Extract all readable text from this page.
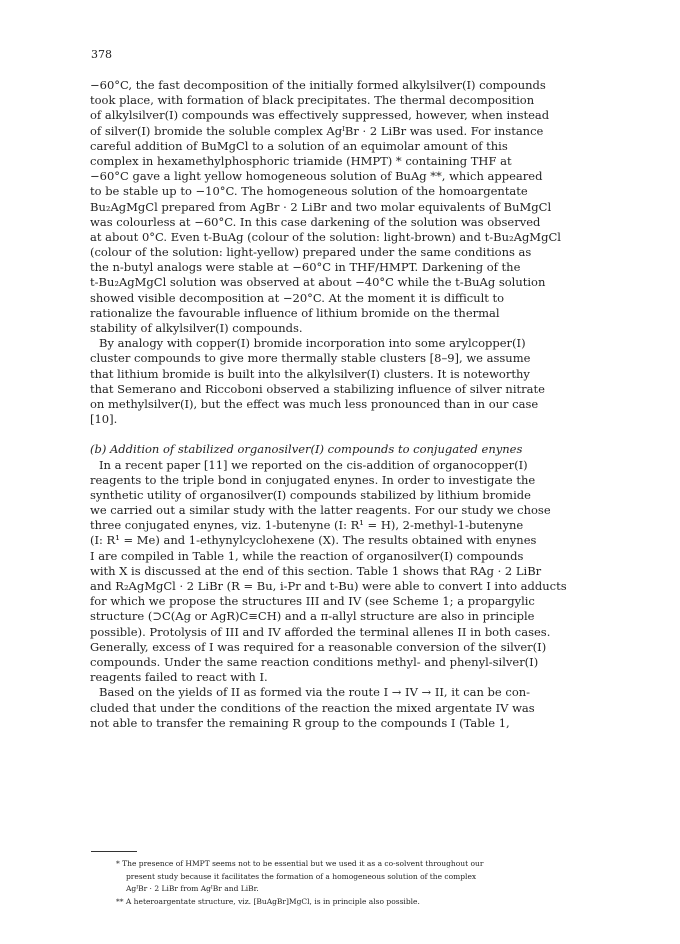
378
−60°C, the fast decomposition of the initially formed alkylsilver(I) compounds
took place, with formation of black precipitates. The thermal decomposition
of alkylsilver(I) compounds was effectively suppressed, however, when instead
of silver(I) bromide the soluble complex AgᴵBr · 2 LiBr was used. For instance
careful addition of BuMgCl to a solution of an equimolar amount of this
complex in hexamethylphosphoric triamide (HMPT) * containing THF at
−60°C gave a light yellow homogeneous solution of BuAg **, which appeared
to be stable up to −10°C. The homogeneous solution of the homoargentate
Bu₂AgMgCl prepared from AgBr · 2 LiBr and two molar equivalents of BuMgCl
was colourless at −60°C. In this case darkening of the solution was observed
at about 0°C. Even t-BuAg (colour of the solution: light-brown) and t-Bu₂AgMgCl
(colour of the solution: light-yellow) prepared under the same conditions as
the n-butyl analogs were stable at −60°C in THF/HMPT. Darkening of the
t-Bu₂AgMgCl solution was observed at about −40°C while the t-BuAg solution
showed visible decomposition at −20°C. At the moment it is difficult to
rationalize the favourable influence of lithium bromide on the thermal
stability of alkylsilver(I) compounds.
By analogy with copper(I) bromide incorporation into some arylcopper(I)
cluster compounds to give more thermally stable clusters [8–9], we assume
that lithium bromide is built into the alkylsilver(I) clusters. It is noteworthy
that Semerano and Riccoboni observed a stabilizing influence of silver nitrate
on methylsilver(I), but the effect was much less pronounced than in our case
[10].
(b) Addition of stabilized organosilver(I) compounds to conjugated enynes
In a recent paper [11] we reported on the cis-addition of organocopper(I)
reagents to the triple bond in conjugated enynes. In order to investigate the
synthetic utility of organosilver(I) compounds stabilized by lithium bromide
we carried out a similar study with the latter reagents. For our study we chose
three conjugated enynes, viz. 1-butenyne (I: R¹ = H), 2-methyl-1-butenyne
(I: R¹ = Me) and 1-ethynylcyclohexene (X). The results obtained with enynes
I are compiled in Table 1, while the reaction of organosilver(I) compounds
with X is discussed at the end of this section. Table 1 shows that RAg · 2 LiBr
and R₂AgMgCl · 2 LiBr (R = Bu, i-Pr and t-Bu) were able to convert I into adducts
for which we propose the structures III and IV (see Scheme 1; a propargylic
structure (⊃C(Ag or AgR)C≡CH) and a π-allyl structure are also in principle
possible). Protolysis of III and IV afforded the terminal allenes II in both cases.
Generally, excess of I was required for a reasonable conversion of the silver(I)
compounds. Under the same reaction conditions methyl- and phenyl-silver(I)
reagents failed to react with I.
Based on the yields of II as formed via the route I → IV → II, it can be con-
cluded that under the conditions of the reaction the mixed argentate IV was
not able to transfer the remaining R group to the compounds I (Table 1,
* The presence of HMPT seems not to be essential but we used it as a co-solvent throughout our
present study because it facilitates the formation of a homogeneous solution of the complex
AgᴵBr · 2 LiBr from AgᴵBr and LiBr.
** A heteroargentate structure, viz. [BuAgBr]MgCl, is in principle also possible.
